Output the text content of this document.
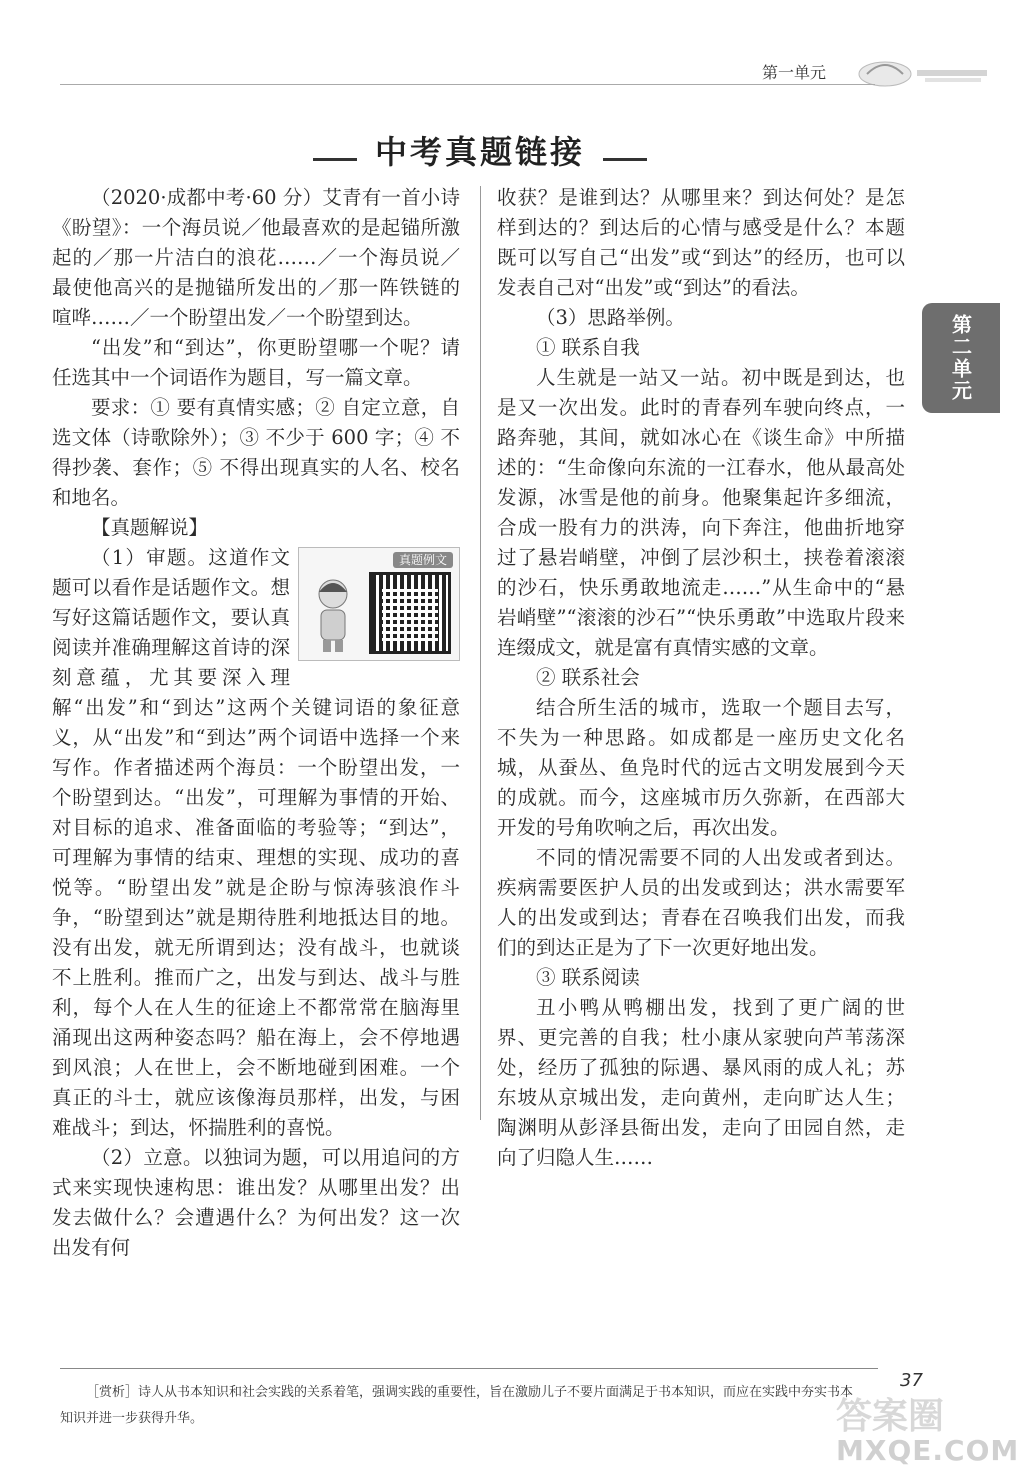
第一单元
第二单元
中考真题链接

（2020·成都中考·60 分）艾青有一首小诗《盼望》：一个海员说／他最喜欢的是起锚所激起的／那一片洁白的浪花……／一个海员说／最使他高兴的是抛锚所发出的／那一阵铁链的喧哗……／一个盼望出发／一个盼望到达。

“出发”和“到达”，你更盼望哪一个呢？请任选其中一个词语作为题目，写一篇文章。

要求：① 要有真情实感；② 自定立意，自选文体（诗歌除外）；③ 不少于 600 字；④ 不得抄袭、套作；⑤ 不得出现真实的人名、校名和地名。

【真题解说】

真题例文

（1）审题。这道作文题可以看作是话题作文。想写好这篇话题作文，要认真阅读并准确理解这首诗的深刻意蕴，尤其要深入理解“出发”和“到达”这两个关键词语的象征意义，从“出发”和“到达”两个词语中选择一个来写作。作者描述两个海员：一个盼望出发，一个盼望到达。“出发”，可理解为事情的开始、对目标的追求、准备面临的考验等；“到达”，可理解为事情的结束、理想的实现、成功的喜悦等。“盼望出发”就是企盼与惊涛骇浪作斗争，“盼望到达”就是期待胜利地抵达目的地。没有出发，就无所谓到达；没有战斗，也就谈不上胜利。推而广之，出发与到达、战斗与胜利，每个人在人生的征途上不都常常在脑海里涌现出这两种姿态吗？船在海上，会不停地遇到风浪；人在世上，会不断地碰到困难。一个真正的斗士，就应该像海员那样，出发，与困难战斗；到达，怀揣胜利的喜悦。

（2）立意。以独词为题，可以用追问的方式来实现快速构思：谁出发？从哪里出发？出发去做什么？会遭遇什么？为何出发？这一次出发有何

收获？是谁到达？从哪里来？到达何处？是怎样到达的？到达后的心情与感受是什么？本题既可以写自己“出发”或“到达”的经历，也可以发表自己对“出发”或“到达”的看法。

（3）思路举例。

① 联系自我

人生就是一站又一站。初中既是到达，也是又一次出发。此时的青春列车驶向终点，一路奔驰，其间，就如冰心在《谈生命》中所描述的：“生命像向东流的一江春水，他从最高处发源，冰雪是他的前身。他聚集起许多细流，合成一股有力的洪涛，向下奔注，他曲折地穿过了悬岩峭壁，冲倒了层沙积土，挟卷着滚滚的沙石，快乐勇敢地流走……”从生命中的“悬岩峭壁”“滚滚的沙石”“快乐勇敢”中选取片段来连缀成文，就是富有真情实感的文章。

② 联系社会

结合所生活的城市，选取一个题目去写，不失为一种思路。如成都是一座历史文化名城，从蚕丛、鱼凫时代的远古文明发展到今天的成就。而今，这座城市历久弥新，在西部大开发的号角吹响之后，再次出发。

不同的情况需要不同的人出发或者到达。疾病需要医护人员的出发或到达；洪水需要军人的出发或到达；青春在召唤我们出发，而我们的到达正是为了下一次更好地出发。

③ 联系阅读

丑小鸭从鸭棚出发，找到了更广阔的世界、更完善的自我；杜小康从家驶向芦苇荡深处，经历了孤独的际遇、暴风雨的成人礼；苏东坡从京城出发，走向黄州，走向旷达人生；陶渊明从彭泽县衙出发，走向了田园自然，走向了归隐人生……

37
［赏析］诗人从书本知识和社会实践的关系着笔，强调实践的重要性，旨在激励儿子不要片面满足于书本知识，而应在实践中夯实书本知识并进一步获得升华。	答案圈
MXQE.COM
